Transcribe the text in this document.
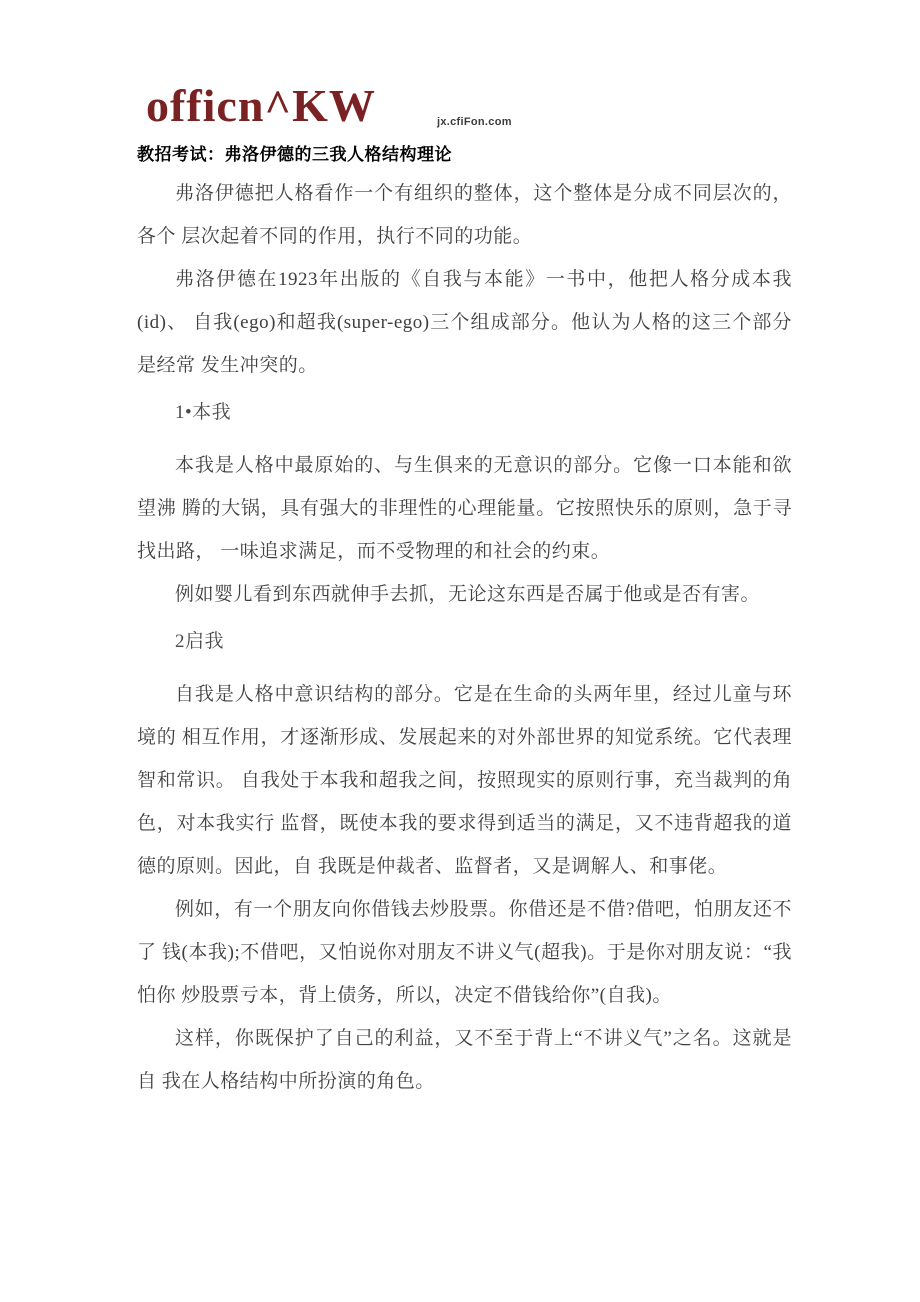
officn^KW	jx.cfiFon.com
教招考试：弗洛伊德的三我人格结构理论

弗洛伊德把人格看作一个有组织的整体，这个整体是分成不同层次的，各个 层次起着不同的作用，执行不同的功能。

弗洛伊德在1923年出版的《自我与本能》一书中，他把人格分成本我(id)、 自我(ego)和超我(super-ego)三个组成部分。他认为人格的这三个部分是经常 发生冲突的。

1•本我

本我是人格中最原始的、与生俱来的无意识的部分。它像一口本能和欲望沸 腾的大锅，具有强大的非理性的心理能量。它按照快乐的原则，急于寻找出路， 一味追求满足，而不受物理的和社会的约束。

例如婴儿看到东西就伸手去抓，无论这东西是否属于他或是否有害。

2启我

自我是人格中意识结构的部分。它是在生命的头两年里，经过儿童与环境的 相互作用，才逐渐形成、发展起来的对外部世界的知觉系统。它代表理智和常识。 自我处于本我和超我之间，按照现实的原则行事，充当裁判的角色，对本我实行 监督，既使本我的要求得到适当的满足，又不违背超我的道德的原则。因此，自 我既是仲裁者、监督者，又是调解人、和事佬。

例如，有一个朋友向你借钱去炒股票。你借还是不借?借吧，怕朋友还不了 钱(本我);不借吧，又怕说你对朋友不讲义气(超我)。于是你对朋友说：“我怕你 炒股票亏本，背上债务，所以，决定不借钱给你”(自我)。

这样，你既保护了自己的利益，又不至于背上“不讲义气”之名。这就是自 我在人格结构中所扮演的角色。
